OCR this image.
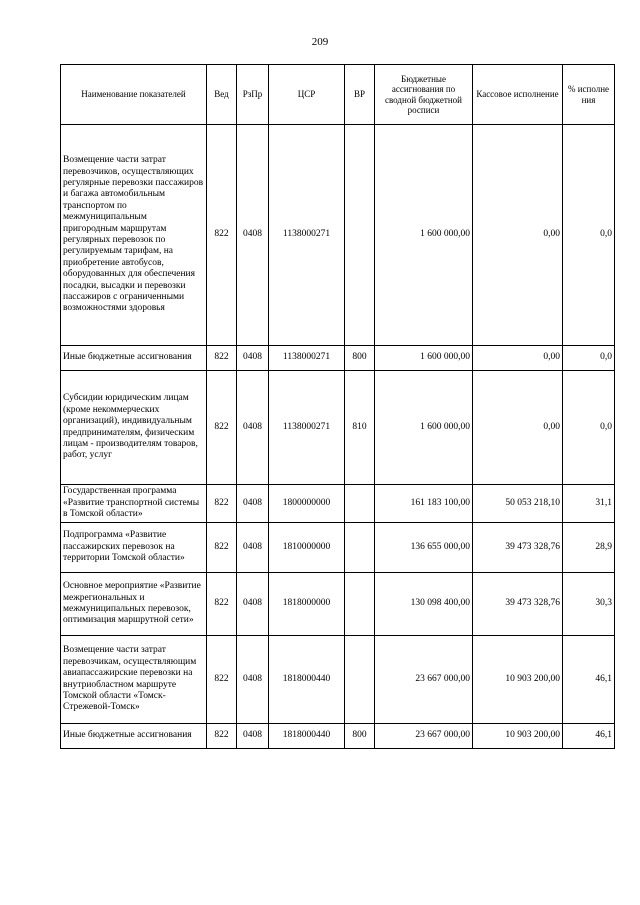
209
Наименование показателей	Вед	РзПр	ЦСР	ВР	Бюджетные ассигнования по сводной бюджетной росписи	Кассовое исполнение	% исполне ния
Возмещение части затрат перевозчиков, осуществляющих регулярные перевозки пассажиров и багажа автомобильным транспортом по межмуниципальным пригородным маршрутам регулярных перевозок по регулируемым тарифам, на приобретение автобусов, оборудованных для обеспечения посадки, высадки и перевозки пассажиров с ограниченными возможностями здоровья	822	0408	1138000271		1 600 000,00	0,00	0,0
Иные бюджетные ассигнования	822	0408	1138000271	800	1 600 000,00	0,00	0,0
Субсидии юридическим лицам (кроме некоммерческих организаций), индивидуальным предпринимателям, физическим лицам - производителям товаров, работ, услуг	822	0408	1138000271	810	1 600 000,00	0,00	0,0
Государственная программа «Развитие транспортной системы в Томской области»	822	0408	1800000000		161 183 100,00	50 053 218,10	31,1
Подпрограмма «Развитие пассажирских перевозок на территории Томской области»	822	0408	1810000000		136 655 000,00	39 473 328,76	28,9
Основное мероприятие «Развитие межрегиональных и межмуниципальных перевозок, оптимизация маршрутной сети»	822	0408	1818000000		130 098 400,00	39 473 328,76	30,3
Возмещение части затрат перевозчикам, осуществляющим авиапассажирские перевозки на внутриобластном маршруте Томской области «Томск-Стрежевой-Томск»	822	0408	1818000440		23 667 000,00	10 903 200,00	46,1
Иные бюджетные ассигнования	822	0408	1818000440	800	23 667 000,00	10 903 200,00	46,1
